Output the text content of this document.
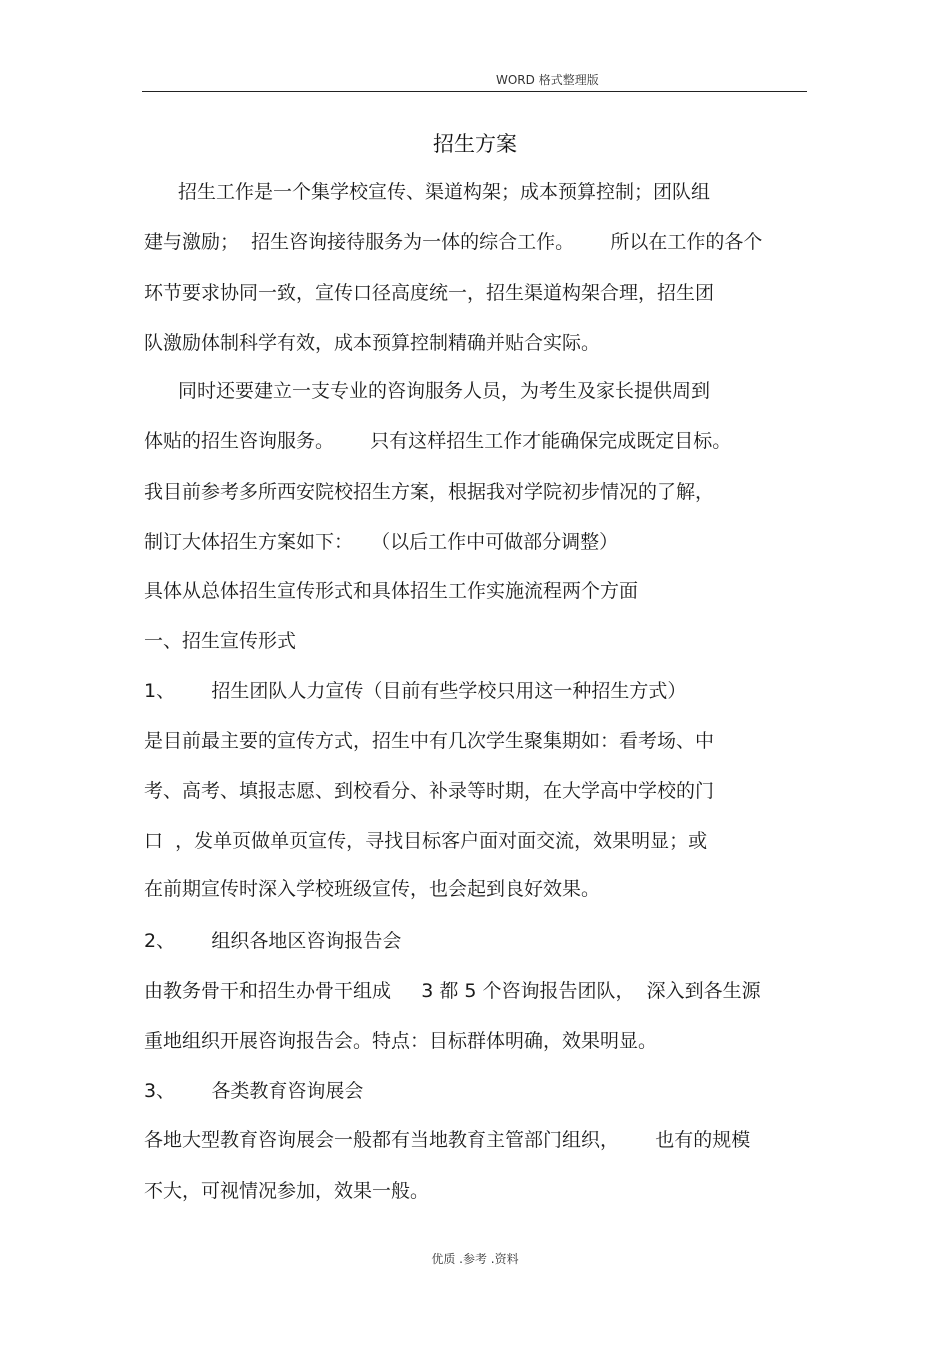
WORD 格式整理版
招生方案
招生工作是一个集学校宣传、渠道构架；成本预算控制；团队组
建与激励；  招生咨询接待服务为一体的综合工作。      所以在工作的各个
环节要求协同一致，宣传口径高度统一，招生渠道构架合理，招生团
队激励体制科学有效，成本预算控制精确并贴合实际。
同时还要建立一支专业的咨询服务人员，为考生及家长提供周到
体贴的招生咨询服务。      只有这样招生工作才能确保完成既定目标。
我目前参考多所西安院校招生方案，根据我对学院初步情况的了解，
制订大体招生方案如下：   （以后工作中可做部分调整）
具体从总体招生宣传形式和具体招生工作实施流程两个方面
一、招生宣传形式
1、      招生团队人力宣传（目前有些学校只用这一种招生方式）
是目前最主要的宣传方式，招生中有几次学生聚集期如：看考场、中
考、高考、填报志愿、到校看分、补录等时期，在大学高中学校的门
口  ，发单页做单页宣传，寻找目标客户面对面交流，效果明显；或
在前期宣传时深入学校班级宣传，也会起到良好效果。
2、      组织各地区咨询报告会
由教务骨干和招生办骨干组成     3 都 5 个咨询报告团队，  深入到各生源
重地组织开展咨询报告会。特点：目标群体明确，效果明显。
3、      各类教育咨询展会
各地大型教育咨询展会一般都有当地教育主管部门组织，      也有的规模
不大，可视情况参加，效果一般。
优质 .参考 .资料
